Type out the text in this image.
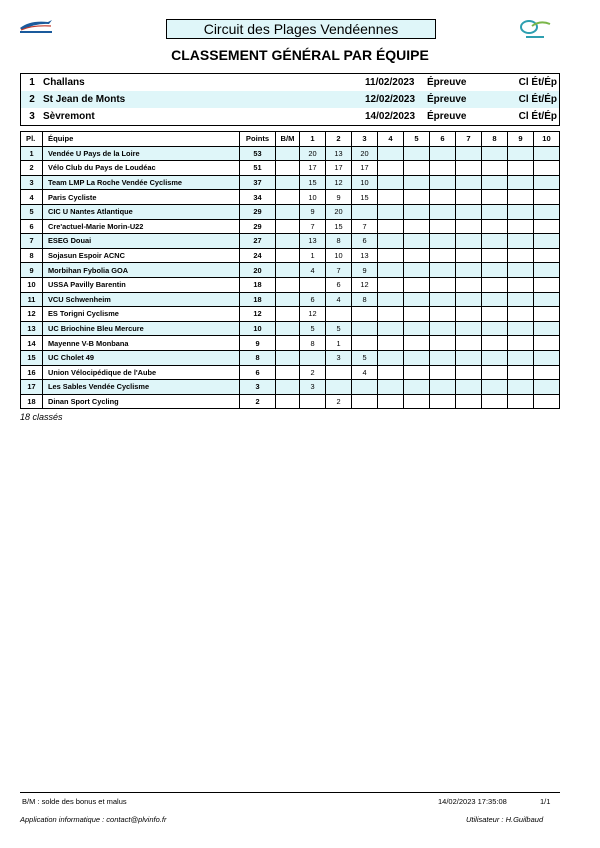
Circuit des Plages Vendéennes
CLASSEMENT GÉNÉRAL PAR ÉQUIPE
1	Challans	11/02/2023	Épreuve	Cl Ét/Ép
2	St Jean de Monts	12/02/2023	Épreuve	Cl Ét/Ép
3	Sèvremont	14/02/2023	Épreuve	Cl Ét/Ép
Pl.	Équipe	Points	B/M	1	2	3	4	5	6	7	8	9	10
1	Vendée U Pays de la Loire	53		20	13	20							
2	Vélo Club du Pays de Loudéac	51		17	17	17							
3	Team LMP La Roche Vendée Cyclisme	37		15	12	10							
4	Paris Cycliste	34		10	9	15							
5	CIC U Nantes Atlantique	29		9	20								
6	Cre'actuel-Marie Morin-U22	29		7	15	7							
7	ESEG Douai	27		13	8	6							
8	Sojasun Espoir ACNC	24		1	10	13							
9	Morbihan Fybolia GOA	20		4	7	9							
10	USSA Pavilly Barentin	18			6	12							
11	VCU Schwenheim	18		6	4	8							
12	ES Torigni Cyclisme	12		12									
13	UC Briochine Bleu Mercure	10		5	5								
14	Mayenne V-B Monbana	9		8	1								
15	UC Cholet 49	8			3	5							
16	Union Vélocipédique de l'Aube	6		2		4							
17	Les Sables Vendée Cyclisme	3		3									
18	Dinan Sport Cycling	2			2								
18 classés
B/M : solde des bonus et malus	14/02/2023 17:35:08	1/1
Application informatique : contact@plvinfo.fr	Utilisateur : H.Guilbaud
